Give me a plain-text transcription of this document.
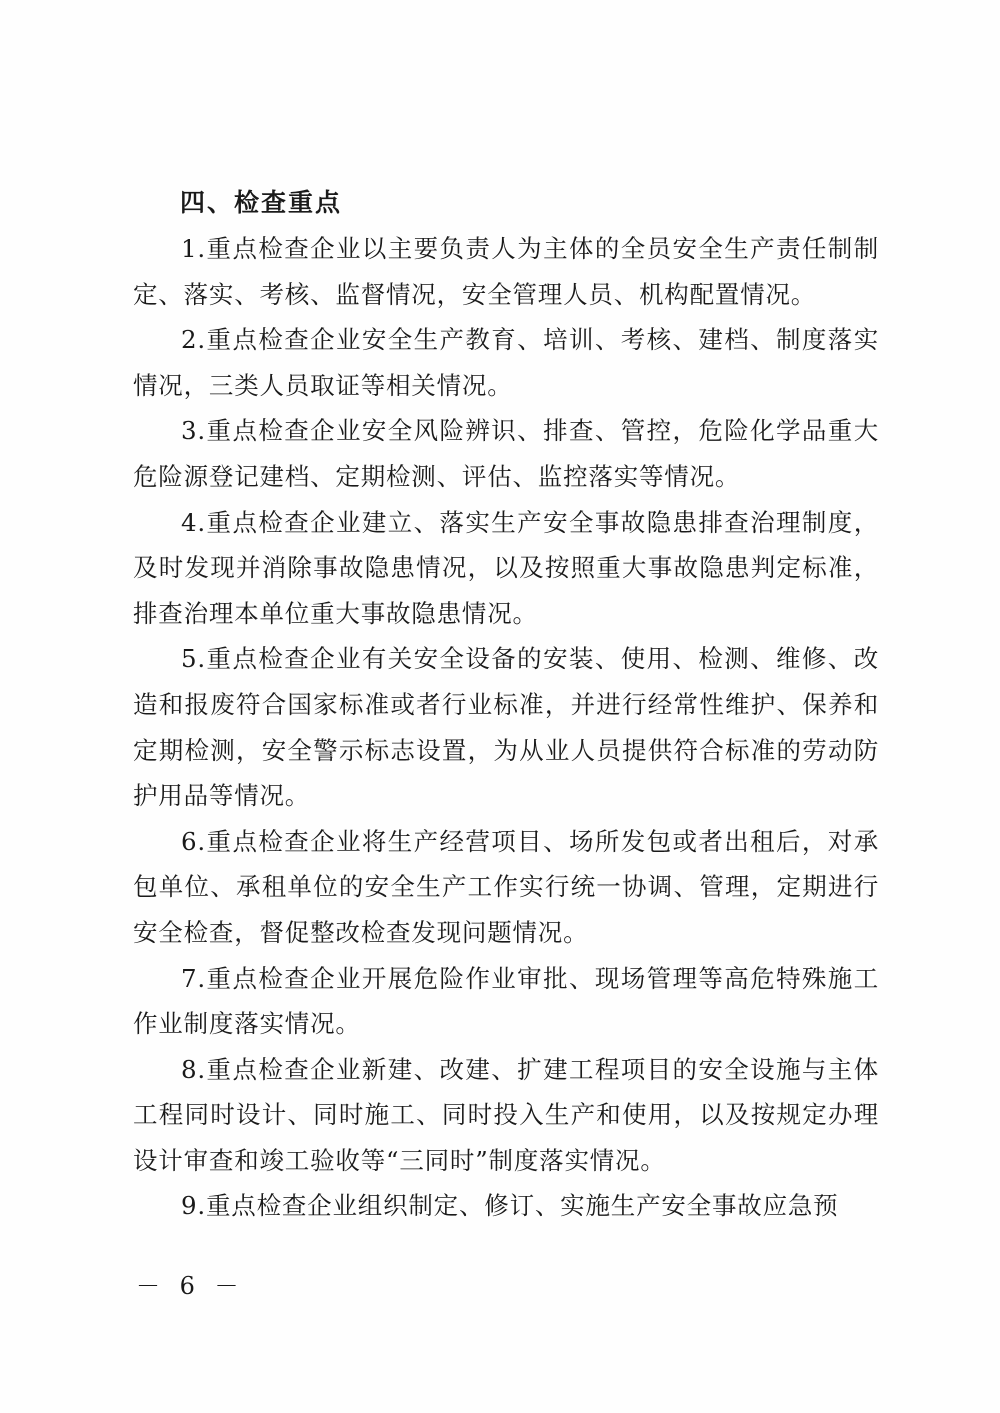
四、检查重点

1.重点检查企业以主要负责人为主体的全员安全生产责任制制定、落实、考核、监督情况，安全管理人员、机构配置情况。

2.重点检查企业安全生产教育、培训、考核、建档、制度落实情况，三类人员取证等相关情况。

3.重点检查企业安全风险辨识、排查、管控，危险化学品重大危险源登记建档、定期检测、评估、监控落实等情况。

4.重点检查企业建立、落实生产安全事故隐患排查治理制度，及时发现并消除事故隐患情况，以及按照重大事故隐患判定标准，排查治理本单位重大事故隐患情况。

5.重点检查企业有关安全设备的安装、使用、检测、维修、改造和报废符合国家标准或者行业标准，并进行经常性维护、保养和定期检测，安全警示标志设置，为从业人员提供符合标准的劳动防护用品等情况。

6.重点检查企业将生产经营项目、场所发包或者出租后，对承包单位、承租单位的安全生产工作实行统一协调、管理，定期进行安全检查，督促整改检查发现问题情况。

7.重点检查企业开展危险作业审批、现场管理等高危特殊施工作业制度落实情况。

8.重点检查企业新建、改建、扩建工程项目的安全设施与主体工程同时设计、同时施工、同时投入生产和使用，以及按规定办理设计审查和竣工验收等“三同时”制度落实情况。

9.重点检查企业组织制定、修订、实施生产安全事故应急预

－ 6 －
